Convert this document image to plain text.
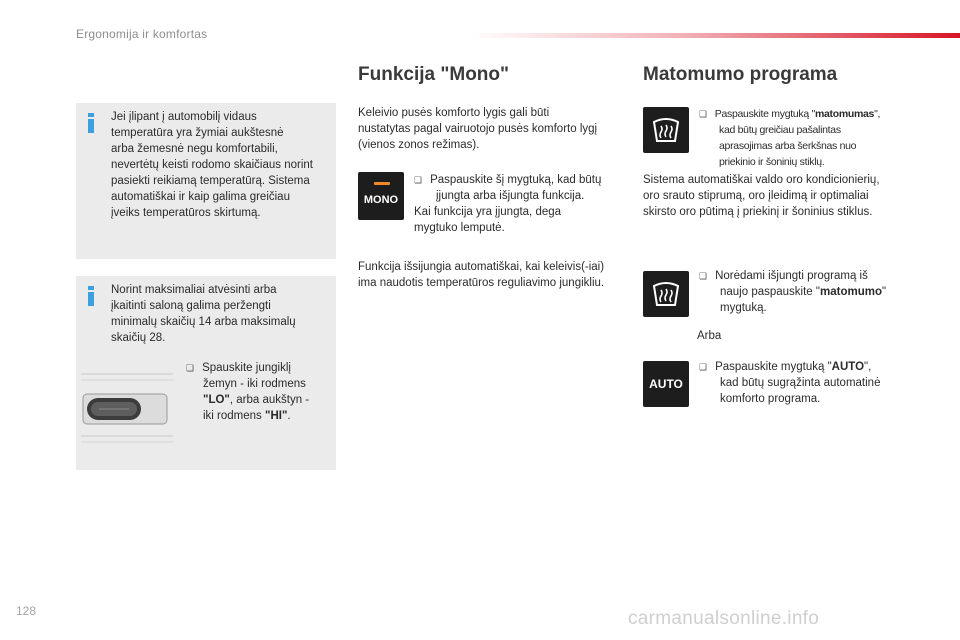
Ergonomija ir komfortas
Jei įlipant į automobilį vidaus
temperatūra yra žymiai aukštesnė
arba žemesnė negu komfortabili,
nevertėtų keisti rodomo skaičiaus norint
pasiekti reikiamą temperatūrą. Sistema
automatiškai ir kaip galima greičiau
įveiks temperatūros skirtumą.
Norint maksimaliai atvėsinti arba
įkaitinti saloną galima peržengti
minimalų skaičių 14 arba maksimalų
skaičių 28.
❏ Spauskite jungiklį
žemyn - iki rodmens
"LO", arba aukštyn -
iki rodmens "HI".
Funkcija "Mono"
Keleivio pusės komforto lygis gali būti
nustatytas pagal vairuotojo pusės komforto lygį
(vienos zonos režimas).
MONO
❏ Paspauskite šį mygtuką, kad būtų
įjungta arba išjungta funkcija.
Kai funkcija yra įjungta, dega
mygtuko lemputė.
Funkcija išsijungia automatiškai, kai keleivis(-iai)
ima naudotis temperatūros reguliavimo jungikliu.
Matomumo programa
❏ Paspauskite mygtuką "matomumas",
kad būtų greičiau pašalintas
aprasojimas arba šerkšnas nuo
priekinio ir šoninių stiklų.
Sistema automatiškai valdo oro kondicionierių,
oro srauto stiprumą, oro įleidimą ir optimaliai
skirsto oro pūtimą į priekinį ir šoninius stiklus.
❏ Norėdami išjungti programą iš
naujo paspauskite "matomumo"
mygtuką.
Arba
AUTO
❏ Paspauskite mygtuką "AUTO",
kad būtų sugrąžinta automatinė
komforto programa.
128	carmanualsonline.info
